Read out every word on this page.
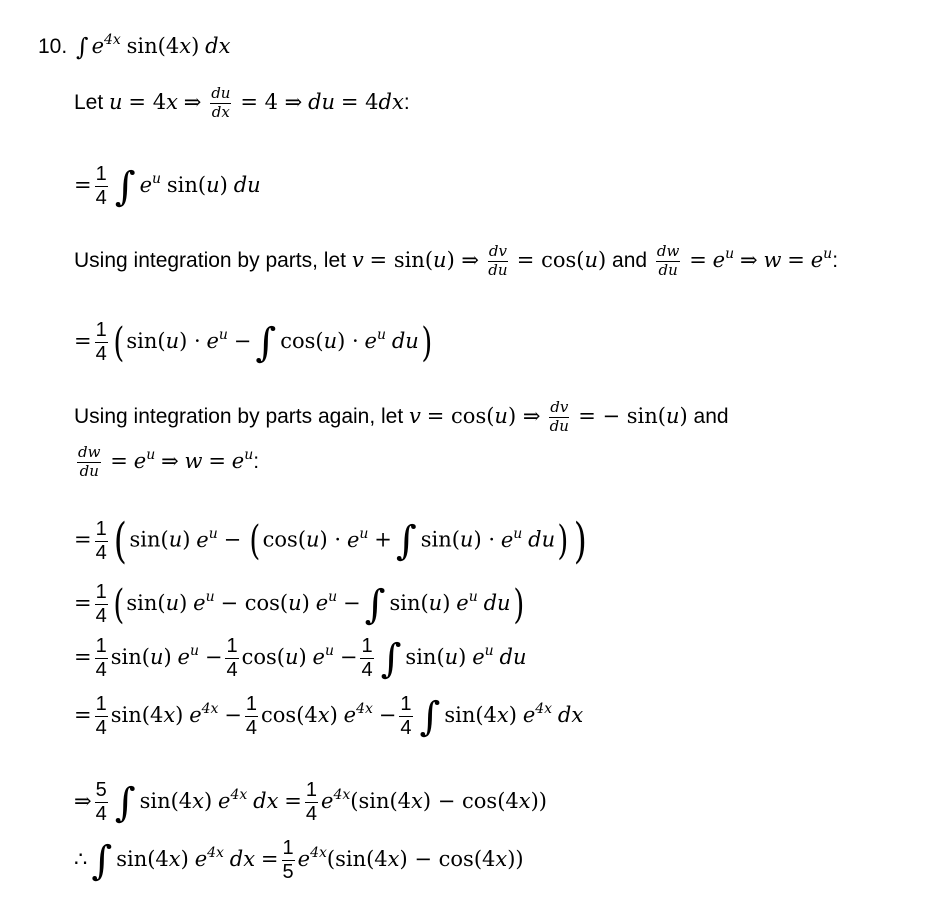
10. ∫ $e^{4x}$ sin(4x) dx
Let u = 4x ⇒ $\frac{du}{dx} = 4$ ⇒ du = 4dx:
= $\frac{1}{4}$ ∫ $e^u$ sin(u) du
Using integration by parts, let v = sin(u) ⇒ $\frac{dv}{du} = \cos(u)$ and $\frac{dw}{du} = e^u$ ⇒ $w = e^u$:
= $\frac{1}{4}$ ( $\sin(u) \cdot e^u$ − ∫ $\cos(u) \cdot e^u$ du)
Using integration by parts again, let v = cos(u) ⇒ $\frac{dv}{du}$ = − sin(u) and
$\frac{dw}{du} = e^u$ ⇒ $w = e^u$:
= $\frac{1}{4}$ ( sin(u) $e^u$ − ( $\cos(u) \cdot e^u$ + ∫ $\sin(u) \cdot e^u$ du) )
= $\frac{1}{4}$ ( sin(u) $e^u - \cos(u) e^u$ − ∫ sin(u) $e^u$ du)
= $\frac{1}{4} \sin(u) e^u - \frac{1}{4} \cos(u) e^u - \frac{1}{4}$ ∫ sin(u) $e^u$ du
= $\frac{1}{4} \sin(4x) e^{4x} - \frac{1}{4} \cos(4x) e^{4x} - \frac{1}{4}$ ∫ sin(4x) $e^{4x}$ dx
⇒ $\frac{5}{4}$ ∫ sin(4x) $e^{4x}$ dx = $\frac{1}{4} e^{4x}(\sin(4x) - \cos(4x))$
∴ ∫ sin(4x) $e^{4x}$ dx = $\frac{1}{5} e^{4x}(\sin(4x) - \cos(4x))$
